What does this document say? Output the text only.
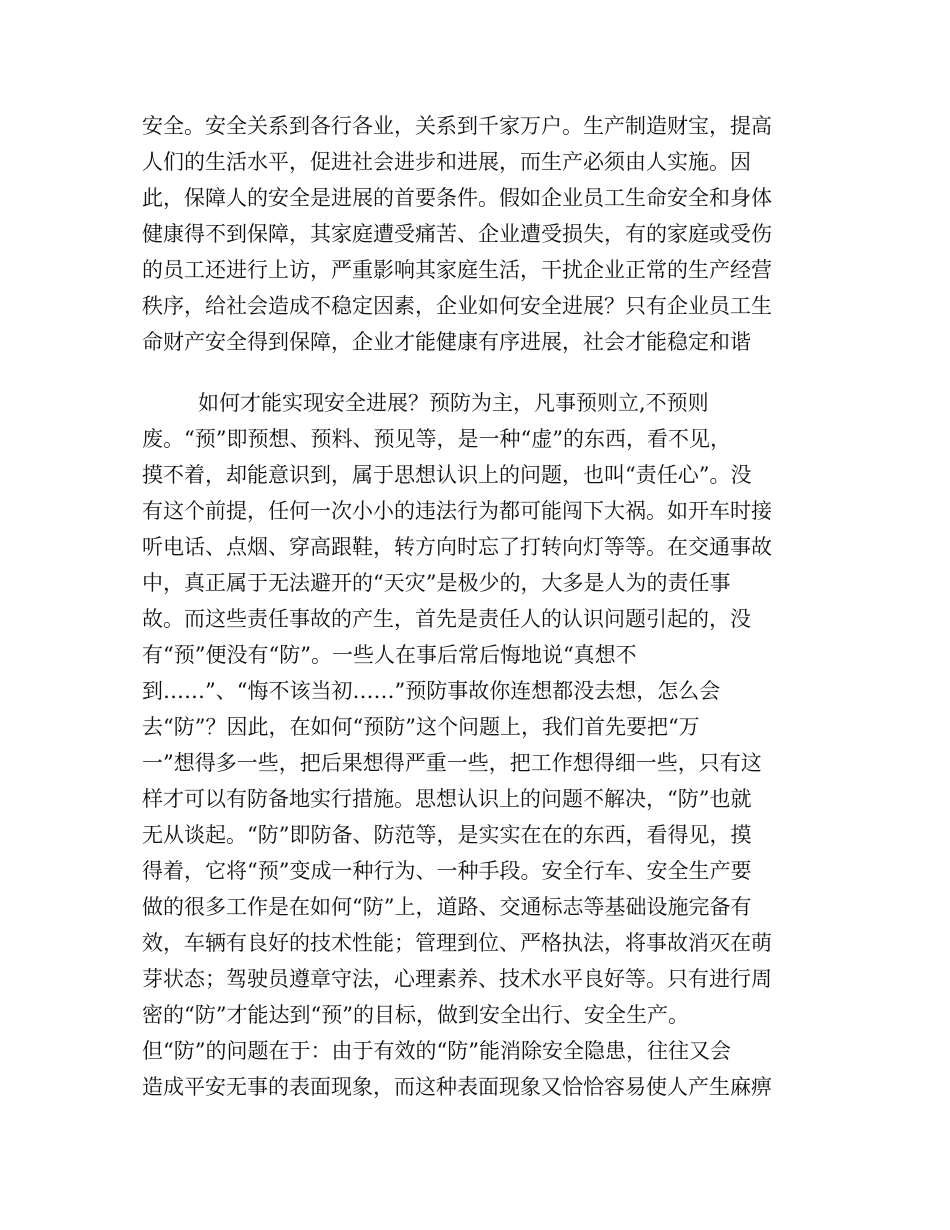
安全。安全关系到各行各业，关系到千家万户。生产制造财宝，提高
人们的生活水平，促进社会进步和进展，而生产必须由人实施。因
此，保障人的安全是进展的首要条件。假如企业员工生命安全和身体
健康得不到保障，其家庭遭受痛苦、企业遭受损失，有的家庭或受伤
的员工还进行上访，严重影响其家庭生活，干扰企业正常的生产经营
秩序，给社会造成不稳定因素，企业如何安全进展？只有企业员工生
命财产安全得到保障，企业才能健康有序进展，社会才能稳定和谐
如何才能实现安全进展？预防为主，凡事预则立,不预则
废。“预”即预想、预料、预见等，是一种“虚”的东西，看不见，
摸不着，却能意识到，属于思想认识上的问题，也叫“责任心”。没
有这个前提，任何一次小小的违法行为都可能闯下大祸。如开车时接
听电话、点烟、穿高跟鞋，转方向时忘了打转向灯等等。在交通事故
中，真正属于无法避开的“天灾”是极少的，大多是人为的责任事
故。而这些责任事故的产生，首先是责任人的认识问题引起的，没
有“预”便没有“防”。一些人在事后常后悔地说“真想不
到……”、“悔不该当初……”预防事故你连想都没去想，怎么会
去“防”？因此，在如何“预防”这个问题上，我们首先要把“万
一”想得多一些，把后果想得严重一些，把工作想得细一些，只有这
样才可以有防备地实行措施。思想认识上的问题不解决，“防”也就
无从谈起。“防”即防备、防范等，是实实在在的东西，看得见，摸
得着，它将“预”变成一种行为、一种手段。安全行车、安全生产要
做的很多工作是在如何“防”上，道路、交通标志等基础设施完备有
效，车辆有良好的技术性能；管理到位、严格执法，将事故消灭在萌
芽状态；驾驶员遵章守法，心理素养、技术水平良好等。只有进行周
密的“防”才能达到“预”的目标，做到安全出行、安全生产。
但“防”的问题在于：由于有效的“防”能消除安全隐患，往往又会
造成平安无事的表面现象，而这种表面现象又恰恰容易使人产生麻痹
